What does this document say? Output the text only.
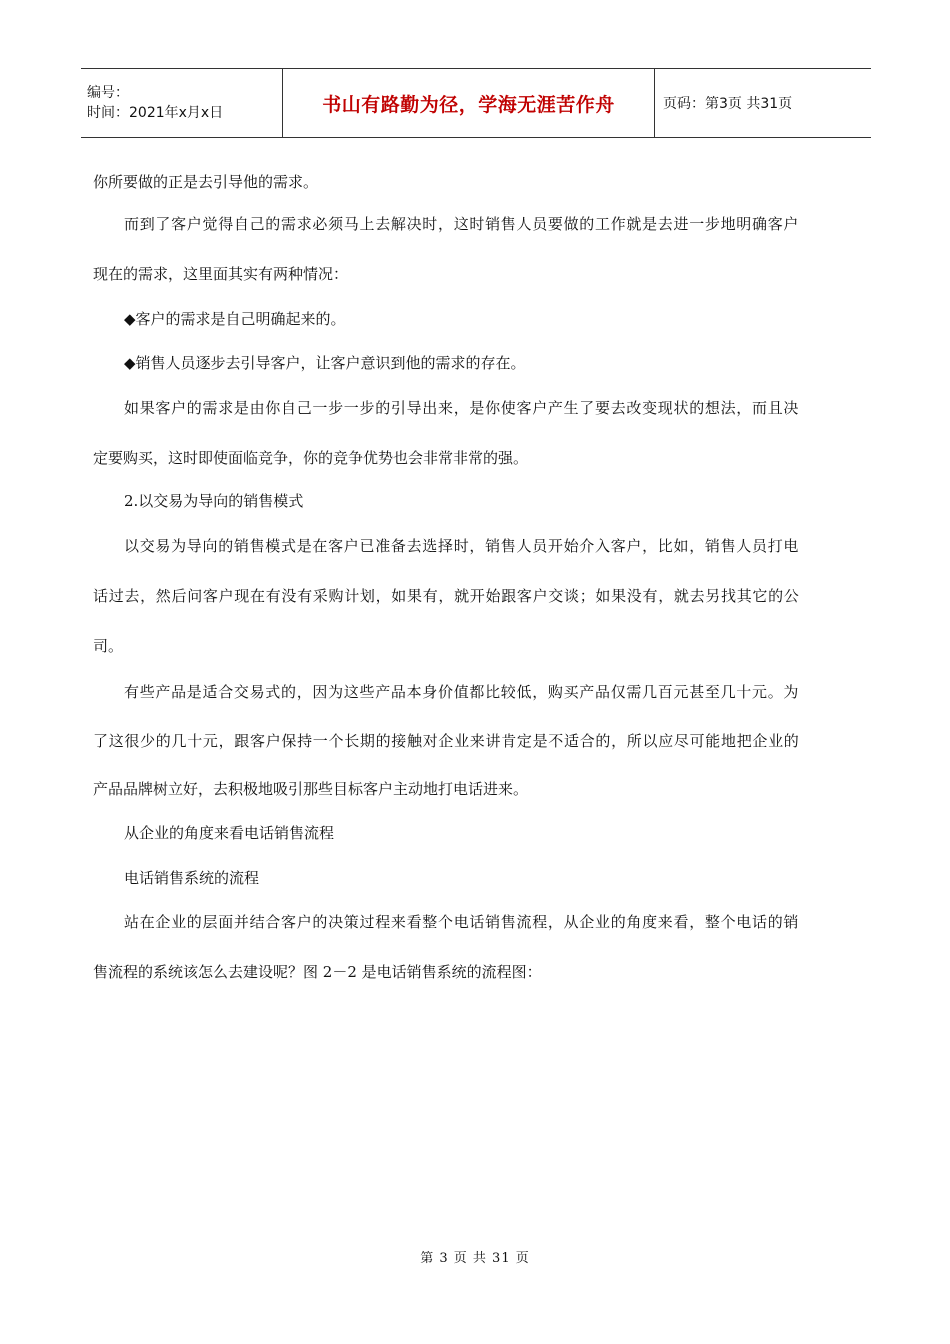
编号：
时间：2021年x月x日	书山有路勤为径，学海无涯苦作舟	页码：第3页 共31页
你所要做的正是去引导他的需求。
而到了客户觉得自己的需求必须马上去解决时，这时销售人员要做的工作就是去进一步地明确客户
现在的需求，这里面其实有两种情况：
◆客户的需求是自己明确起来的。
◆销售人员逐步去引导客户，让客户意识到他的需求的存在。
如果客户的需求是由你自己一步一步的引导出来，是你使客户产生了要去改变现状的想法，而且决
定要购买，这时即使面临竞争，你的竞争优势也会非常非常的强。
2.以交易为导向的销售模式
以交易为导向的销售模式是在客户已准备去选择时，销售人员开始介入客户，比如，销售人员打电
话过去，然后问客户现在有没有采购计划，如果有，就开始跟客户交谈；如果没有，就去另找其它的公
司。
有些产品是适合交易式的，因为这些产品本身价值都比较低，购买产品仅需几百元甚至几十元。为
了这很少的几十元，跟客户保持一个长期的接触对企业来讲肯定是不适合的，所以应尽可能地把企业的
产品品牌树立好，去积极地吸引那些目标客户主动地打电话进来。
从企业的角度来看电话销售流程
电话销售系统的流程
站在企业的层面并结合客户的决策过程来看整个电话销售流程，从企业的角度来看，整个电话的销
售流程的系统该怎么去建设呢？图 2－2 是电话销售系统的流程图：
第 3 页 共 31 页
